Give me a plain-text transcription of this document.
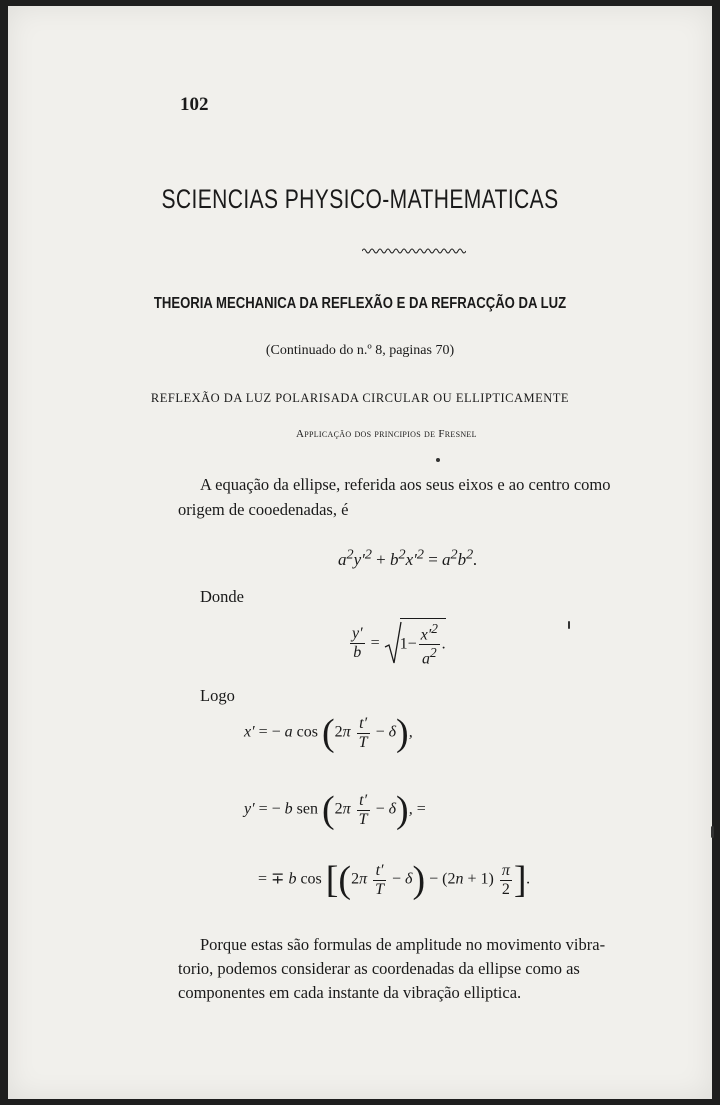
102
SCIENCIAS PHYSICO-MATHEMATICAS
THEORIA MECHANICA DA REFLEXÃO E DA REFRACÇÃO DA LUZ
(Continuado do n.º 8, paginas 70)
REFLEXÃO DA LUZ POLARISADA CIRCULAR OU ELLIPTICAMENTE
Applicação dos principios de Fresnel
A equação da ellipse, referida aos seus eixos e ao centro como
origem de cooedenadas, é
$a^2y'^2 + b^2x'^2 = a^2b^2$.
Donde
$\frac{y'}{b} = 1- \frac{x'^2}{a^2}$ .
Logo
x′ = − a $\cos (2\pi \frac{t'}{T} - \delta)$,
y′ = − b sen $(2\pi \frac{t'}{T} - \delta)$, =
= ∓ b $\cos [(2\pi \frac{t'}{T} - \delta) - (2n + 1) \frac{\pi}{2}$ ].
Porque estas são formulas de amplitude no movimento vibra-
torio, podemos considerar as coordenadas da ellipse como as
componentes em cada instante da vibração elliptica.
